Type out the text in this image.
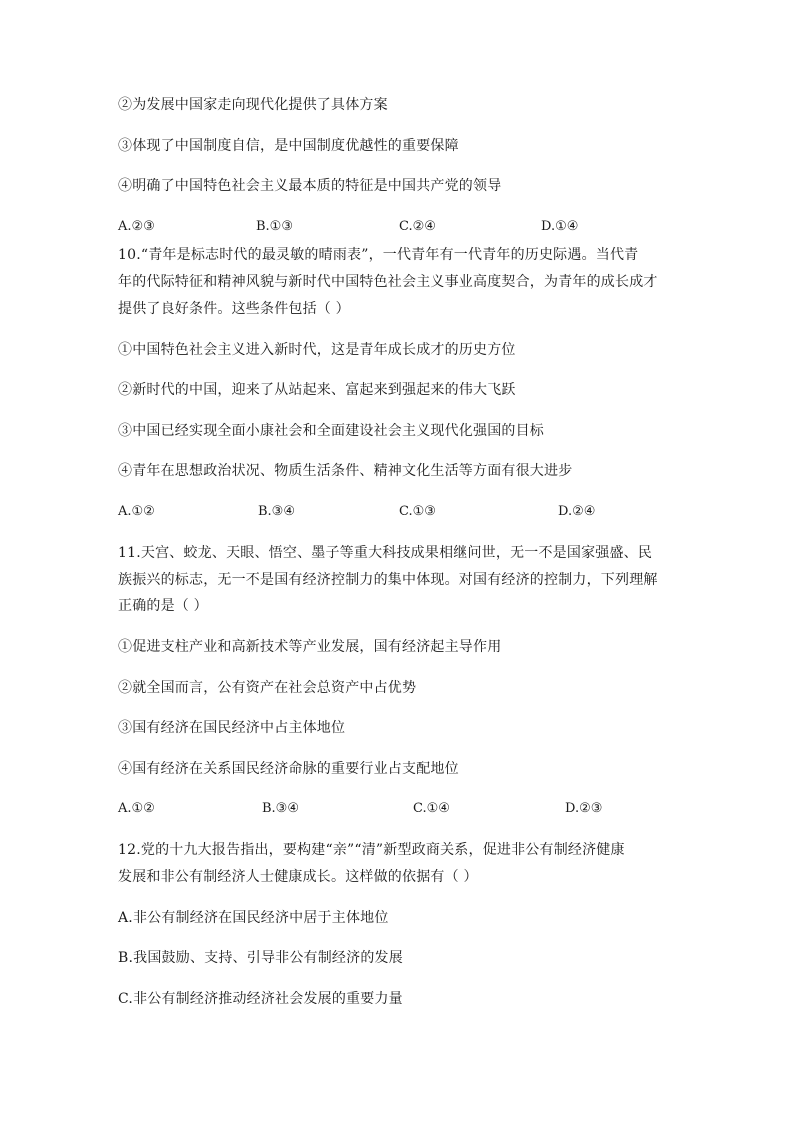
②为发展中国家走向现代化提供了具体方案
③体现了中国制度自信，是中国制度优越性的重要保障
④明确了中国特色社会主义最本质的特征是中国共产党的领导
A.②③	B.①③	C.②④	D.①④
10.“青年是标志时代的最灵敏的晴雨表”，一代青年有一代青年的历史际遇。当代青
年的代际特征和精神风貌与新时代中国特色社会主义事业高度契合，为青年的成长成才
提供了良好条件。这些条件包括（ ）
①中国特色社会主义进入新时代，这是青年成长成才的历史方位
②新时代的中国，迎来了从站起来、富起来到强起来的伟大飞跃
③中国已经实现全面小康社会和全面建设社会主义现代化强国的目标
④青年在思想政治状况、物质生活条件、精神文化生活等方面有很大进步
A.①②	B.③④	C.①③	D.②④
11.天宫、蛟龙、天眼、悟空、墨子等重大科技成果相继问世，无一不是国家强盛、民
族振兴的标志，无一不是国有经济控制力的集中体现。对国有经济的控制力，下列理解
正确的是（ ）
①促进支柱产业和高新技术等产业发展，国有经济起主导作用
②就全国而言，公有资产在社会总资产中占优势
③国有经济在国民经济中占主体地位
④国有经济在关系国民经济命脉的重要行业占支配地位
A.①②	B.③④	C.①④	D.②③
12.党的十九大报告指出，要构建“亲”“清”新型政商关系，促进非公有制经济健康
发展和非公有制经济人士健康成长。这样做的依据有（ ）
A.非公有制经济在国民经济中居于主体地位
B.我国鼓励、支持、引导非公有制经济的发展
C.非公有制经济推动经济社会发展的重要力量
